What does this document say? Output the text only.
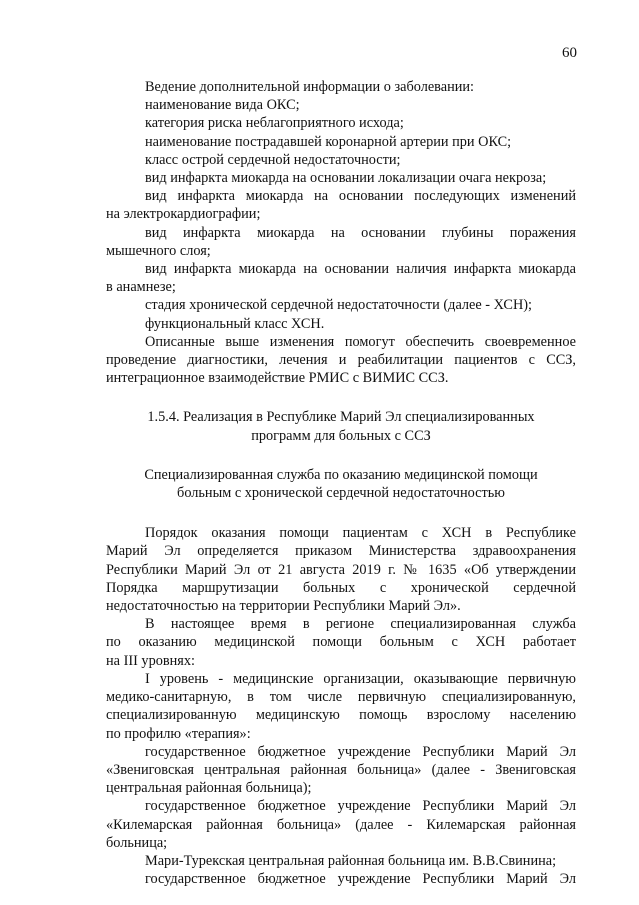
60

Ведение дополнительной информации о заболевании:

наименование вида ОКС;

категория риска неблагоприятного исхода;

наименование пострадавшей коронарной артерии при ОКС;

класс острой сердечной недостаточности;

вид инфаркта миокарда на основании локализации очага некроза;

вид инфаркта миокарда на основании последующих изменений

на электрокардиографии;

вид инфаркта миокарда на основании глубины поражения

мышечного слоя;

вид инфаркта миокарда на основании наличия инфаркта миокарда

в анамнезе;

стадия хронической сердечной недостаточности (далее - ХСН);

функциональный класс ХСН.

Описанные выше изменения помогут обеспечить своевременное

проведение диагностики, лечения и реабилитации пациентов с ССЗ,

интеграционное взаимодействие РМИС с ВИМИС ССЗ.

1.5.4. Реализация в Республике Марий Эл специализированных

программ для больных с ССЗ

Специализированная служба по оказанию медицинской помощи

больным с хронической сердечной недостаточностью

Порядок оказания помощи пациентам с ХСН в Республике

Марий Эл определяется приказом Министерства здравоохранения

Республики Марий Эл от 21 августа 2019 г. № 1635 «Об утверждении

Порядка маршрутизации больных с хронической сердечной

недостаточностью на территории Республики Марий Эл».

В настоящее время в регионе специализированная служба

по оказанию медицинской помощи больным с ХСН работает

на III уровнях:

I уровень - медицинские организации, оказывающие первичную

медико-санитарную, в том числе первичную специализированную,

специализированную медицинскую помощь взрослому населению

по профилю «терапия»:

государственное бюджетное учреждение Республики Марий Эл

«Звениговская центральная районная больница» (далее - Звениговская

центральная районная больница);

государственное бюджетное учреждение Республики Марий Эл

«Килемарская районная больница» (далее - Килемарская районная

больница;

Мари-Турекская центральная районная больница им. В.В.Свинина;

государственное бюджетное учреждение Республики Марий Эл
